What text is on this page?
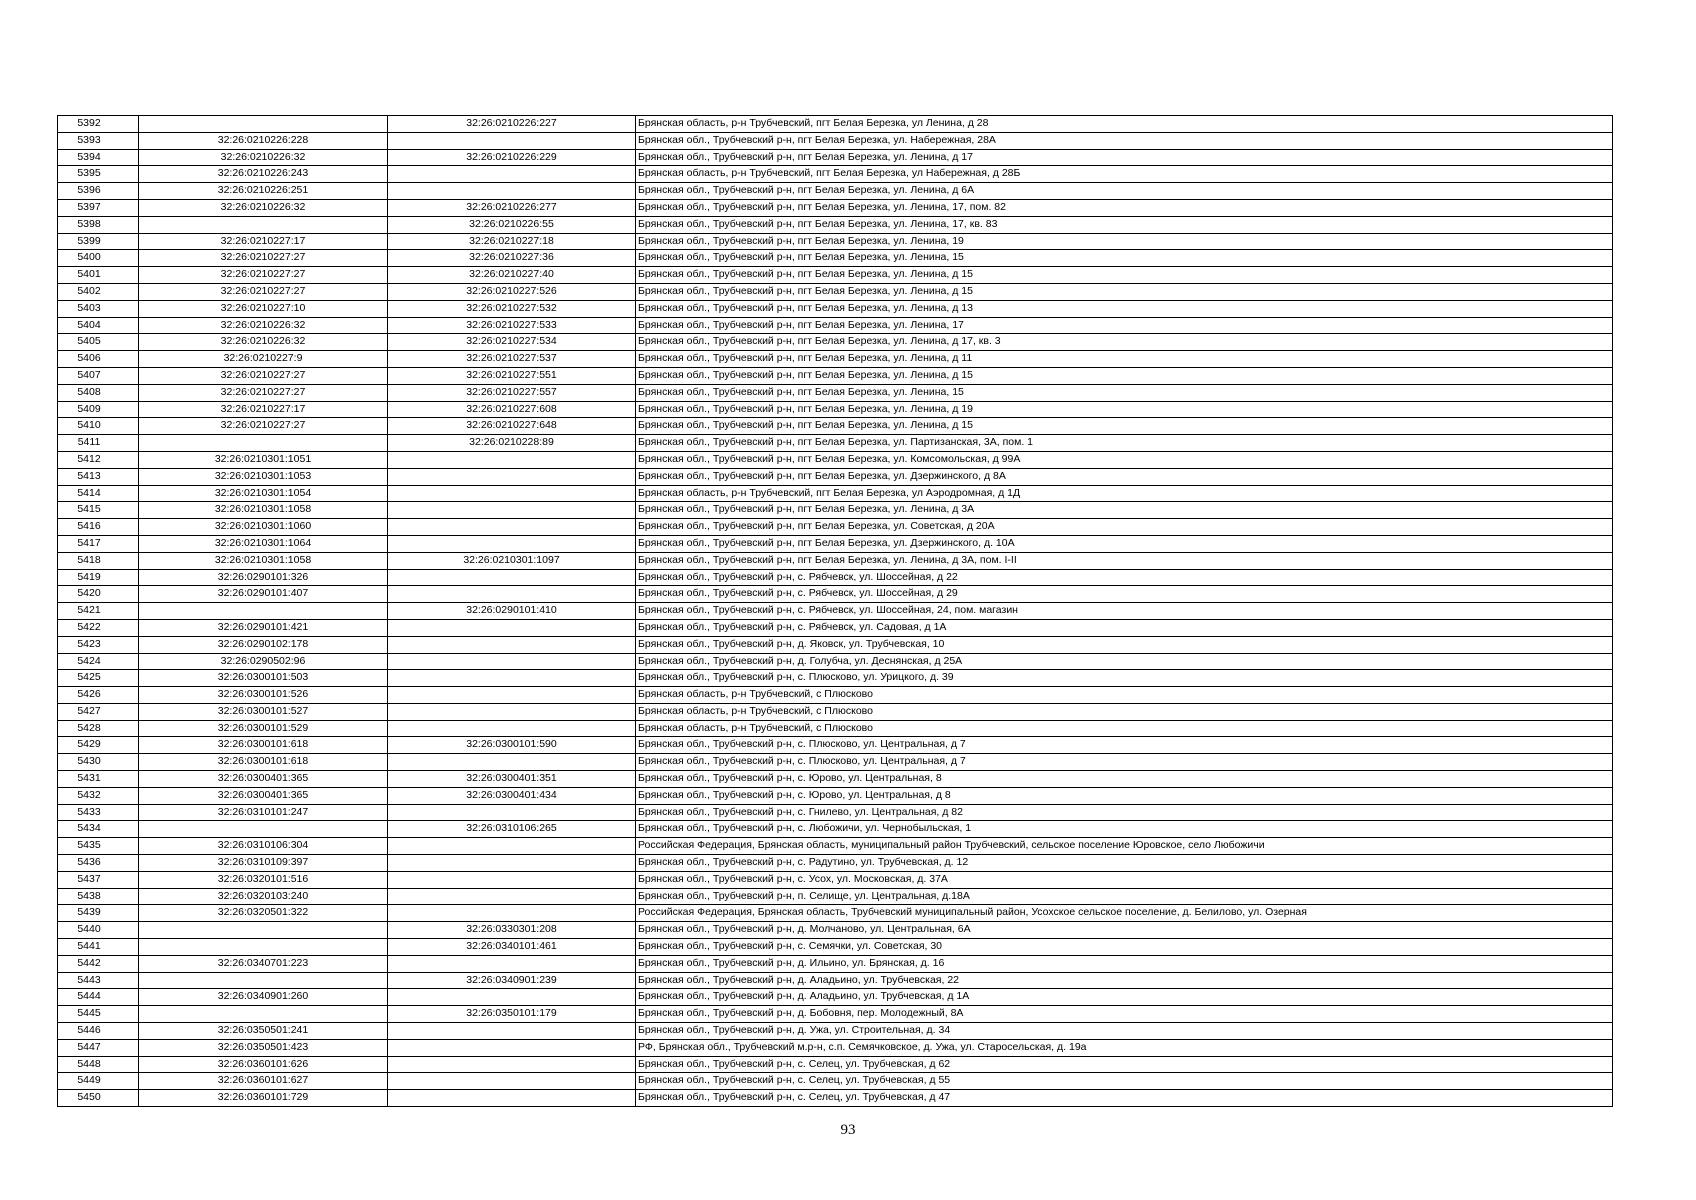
5392		32:26:0210226:227	Брянская область, р-н Трубчевский, пгт Белая Березка, ул Ленина, д 28
5393	32:26:0210226:228		Брянская обл., Трубчевский р-н, пгт Белая Березка, ул. Набережная, 28А
5394	32:26:0210226:32	32:26:0210226:229	Брянская обл., Трубчевский р-н, пгт Белая Березка, ул. Ленина, д 17
5395	32:26:0210226:243		Брянская область, р-н Трубчевский, пгт Белая Березка, ул Набережная, д 28Б
5396	32:26:0210226:251		Брянская обл., Трубчевский р-н, пгт Белая Березка, ул. Ленина, д 6А
5397	32:26:0210226:32	32:26:0210226:277	Брянская обл., Трубчевский р-н, пгт Белая Березка, ул. Ленина, 17, пом. 82
5398		32:26:0210226:55	Брянская обл., Трубчевский р-н, пгт Белая Березка, ул. Ленина, 17, кв. 83
5399	32:26:0210227:17	32:26:0210227:18	Брянская обл., Трубчевский р-н, пгт Белая Березка, ул. Ленина, 19
5400	32:26:0210227:27	32:26:0210227:36	Брянская обл., Трубчевский р-н, пгт Белая Березка, ул. Ленина, 15
5401	32:26:0210227:27	32:26:0210227:40	Брянская обл., Трубчевский р-н, пгт Белая Березка, ул. Ленина, д 15
5402	32:26:0210227:27	32:26:0210227:526	Брянская обл., Трубчевский р-н, пгт Белая Березка, ул. Ленина, д 15
5403	32:26:0210227:10	32:26:0210227:532	Брянская обл., Трубчевский р-н, пгт Белая Березка, ул. Ленина, д 13
5404	32:26:0210226:32	32:26:0210227:533	Брянская обл., Трубчевский р-н, пгт Белая Березка, ул. Ленина, 17
5405	32:26:0210226:32	32:26:0210227:534	Брянская обл., Трубчевский р-н, пгт Белая Березка, ул. Ленина, д 17, кв. 3
5406	32:26:0210227:9	32:26:0210227:537	Брянская обл., Трубчевский р-н, пгт Белая Березка, ул. Ленина, д 11
5407	32:26:0210227:27	32:26:0210227:551	Брянская обл., Трубчевский р-н, пгт Белая Березка, ул. Ленина, д 15
5408	32:26:0210227:27	32:26:0210227:557	Брянская обл., Трубчевский р-н, пгт Белая Березка, ул. Ленина, 15
5409	32:26:0210227:17	32:26:0210227:608	Брянская обл., Трубчевский р-н, пгт Белая Березка, ул. Ленина, д 19
5410	32:26:0210227:27	32:26:0210227:648	Брянская обл., Трубчевский р-н, пгт Белая Березка, ул. Ленина, д 15
5411		32:26:0210228:89	Брянская обл., Трубчевский р-н, пгт Белая Березка, ул. Партизанская, 3А, пом. 1
5412	32:26:0210301:1051		Брянская обл., Трубчевский р-н, пгт Белая Березка, ул. Комсомольская, д 99А
5413	32:26:0210301:1053		Брянская обл., Трубчевский р-н, пгт Белая Березка, ул. Дзержинского, д 8А
5414	32:26:0210301:1054		Брянская область, р-н Трубчевский, пгт Белая Березка, ул Аэродромная, д 1Д
5415	32:26:0210301:1058		Брянская обл., Трубчевский р-н, пгт Белая Березка, ул. Ленина, д 3А
5416	32:26:0210301:1060		Брянская обл., Трубчевский р-н, пгт Белая Березка, ул. Советская, д 20А
5417	32:26:0210301:1064		Брянская обл., Трубчевский р-н, пгт Белая Березка, ул. Дзержинского, д. 10А
5418	32:26:0210301:1058	32:26:0210301:1097	Брянская обл., Трубчевский р-н, пгт Белая Березка, ул. Ленина, д 3А, пом. I-II
5419	32:26:0290101:326		Брянская обл., Трубчевский р-н, с. Рябчевск, ул. Шоссейная, д 22
5420	32:26:0290101:407		Брянская обл., Трубчевский р-н, с. Рябчевск, ул. Шоссейная, д 29
5421		32:26:0290101:410	Брянская обл., Трубчевский р-н, с. Рябчевск, ул. Шоссейная, 24, пом. магазин
5422	32:26:0290101:421		Брянская обл., Трубчевский р-н, с. Рябчевск, ул. Садовая, д 1А
5423	32:26:0290102:178		Брянская обл., Трубчевский р-н, д. Яковск, ул. Трубчевская, 10
5424	32:26:0290502:96		Брянская обл., Трубчевский р-н, д. Голубча, ул. Деснянская, д 25А
5425	32:26:0300101:503		Брянская обл., Трубчевский р-н, с. Плюсково, ул. Урицкого, д. 39
5426	32:26:0300101:526		Брянская область, р-н Трубчевский, с Плюсково
5427	32:26:0300101:527		Брянская область, р-н Трубчевский, с Плюсково
5428	32:26:0300101:529		Брянская область, р-н Трубчевский, с Плюсково
5429	32:26:0300101:618	32:26:0300101:590	Брянская обл., Трубчевский р-н, с. Плюсково, ул. Центральная, д 7
5430	32:26:0300101:618		Брянская обл., Трубчевский р-н, с. Плюсково, ул. Центральная, д 7
5431	32:26:0300401:365	32:26:0300401:351	Брянская обл., Трубчевский р-н, с. Юрово, ул. Центральная, 8
5432	32:26:0300401:365	32:26:0300401:434	Брянская обл., Трубчевский р-н, с. Юрово, ул. Центральная, д 8
5433	32:26:0310101:247		Брянская обл., Трубчевский р-н, с. Гнилево, ул. Центральная, д 82
5434		32:26:0310106:265	Брянская обл., Трубчевский р-н, с. Любожичи, ул. Чернобыльская, 1
5435	32:26:0310106:304		Российская Федерация, Брянская область, муниципальный район Трубчевский, сельское поселение Юровское, село Любожичи
5436	32:26:0310109:397		Брянская обл., Трубчевский р-н, с. Радутино, ул. Трубчевская, д. 12
5437	32:26:0320101:516		Брянская обл., Трубчевский р-н, с. Усох, ул. Московская, д. 37А
5438	32:26:0320103:240		Брянская обл., Трубчевский р-н, п. Селище, ул. Центральная, д.18А
5439	32:26:0320501:322		Российская Федерация, Брянская область, Трубчевский муниципальный район, Усохское сельское поселение, д. Белилово, ул. Озерная
5440		32:26:0330301:208	Брянская обл., Трубчевский р-н, д. Молчаново, ул. Центральная, 6А
5441		32:26:0340101:461	Брянская обл., Трубчевский р-н, с. Семячки, ул. Советская, 30
5442	32:26:0340701:223		Брянская обл., Трубчевский р-н, д. Ильино, ул. Брянская, д. 16
5443		32:26:0340901:239	Брянская обл., Трубчевский р-н, д. Аладьино, ул. Трубчевская, 22
5444	32:26:0340901:260		Брянская обл., Трубчевский р-н, д. Аладьино, ул. Трубчевская, д 1А
5445		32:26:0350101:179	Брянская обл., Трубчевский р-н, д. Бобовня, пер. Молодежный, 8А
5446	32:26:0350501:241		Брянская обл., Трубчевский р-н, д. Ужа, ул. Строительная, д. 34
5447	32:26:0350501:423		РФ, Брянская обл., Трубчевский м.р-н, с.п. Семячковское, д. Ужа, ул. Старосельская, д. 19а
5448	32:26:0360101:626		Брянская обл., Трубчевский р-н, с. Селец, ул. Трубчевская, д 62
5449	32:26:0360101:627		Брянская обл., Трубчевский р-н, с. Селец, ул. Трубчевская, д 55
5450	32:26:0360101:729		Брянская обл., Трубчевский р-н, с. Селец, ул. Трубчевская, д 47
93
